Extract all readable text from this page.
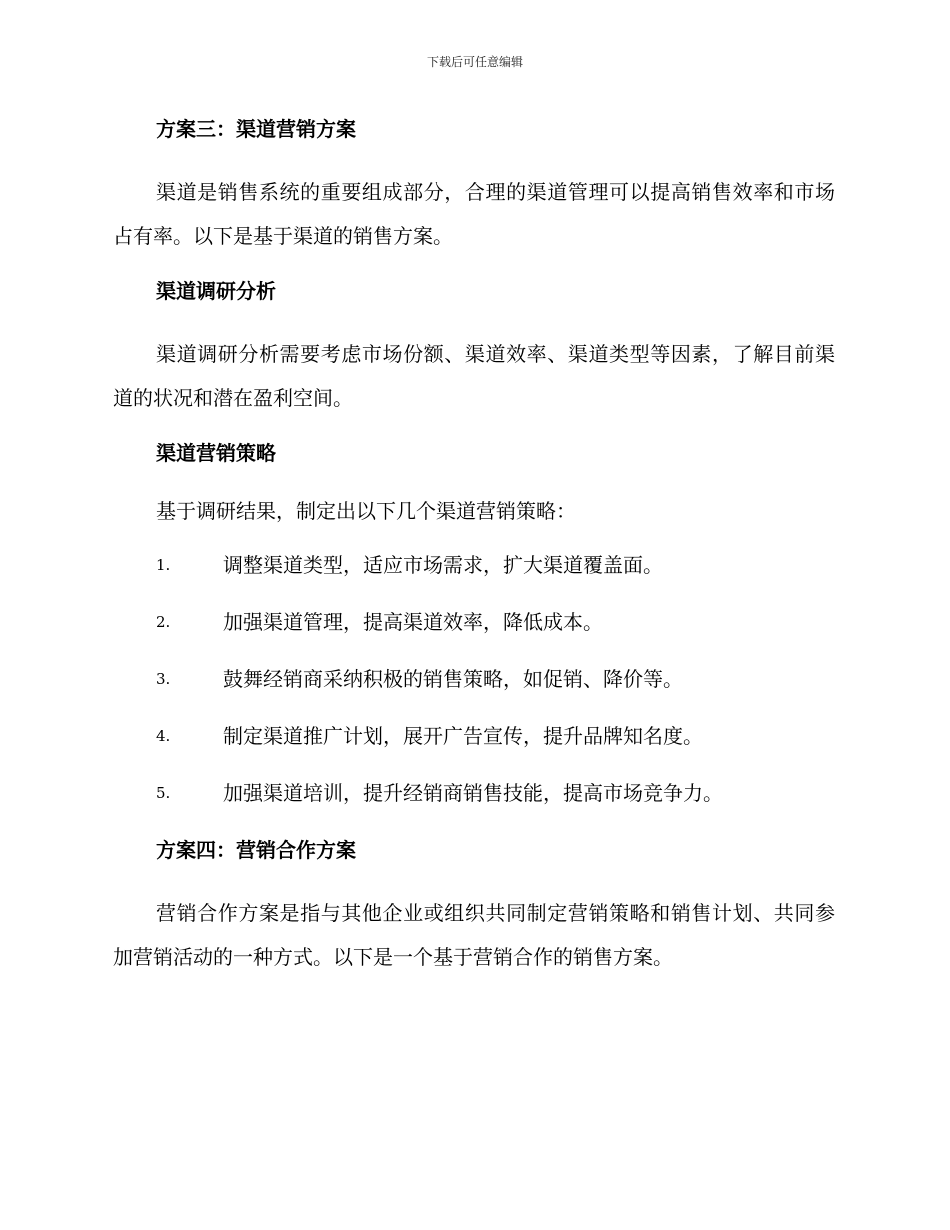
下载后可任意编辑
方案三：渠道营销方案
渠道是销售系统的重要组成部分，合理的渠道管理可以提高销售效率和市场占有率。以下是基于渠道的销售方案。
渠道调研分析
渠道调研分析需要考虑市场份额、渠道效率、渠道类型等因素，了解目前渠道的状况和潜在盈利空间。
渠道营销策略
基于调研结果，制定出以下几个渠道营销策略：
1.	调整渠道类型，适应市场需求，扩大渠道覆盖面。
2.	加强渠道管理，提高渠道效率，降低成本。
3.	鼓舞经销商采纳积极的销售策略，如促销、降价等。
4.	制定渠道推广计划，展开广告宣传，提升品牌知名度。
5.	加强渠道培训，提升经销商销售技能，提高市场竞争力。
方案四：营销合作方案
营销合作方案是指与其他企业或组织共同制定营销策略和销售计划、共同参加营销活动的一种方式。以下是一个基于营销合作的销售方案。
